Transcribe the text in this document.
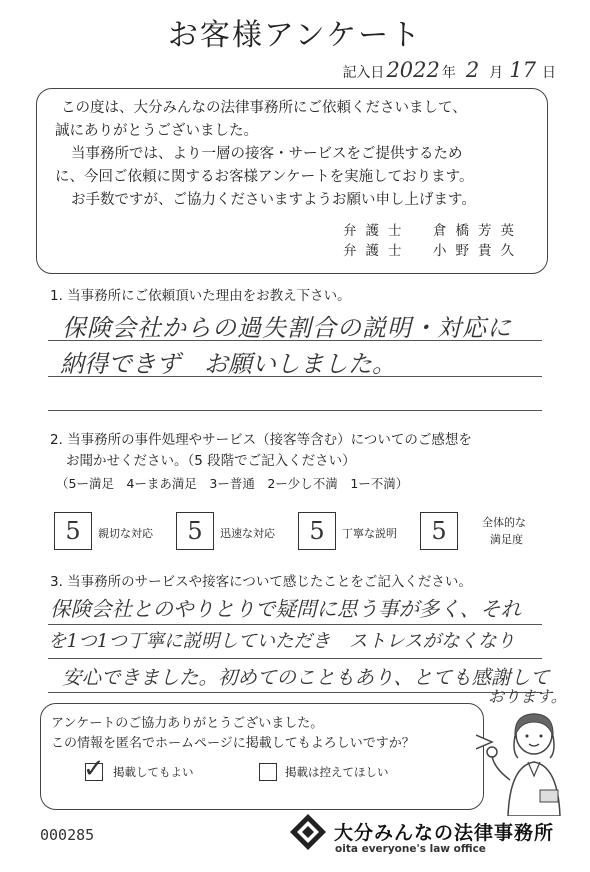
お客様アンケート
記入日 2022 年 2 月 17 日

この度は、大分みんなの法律事務所にご依頼くださいまして、

誠にありがとうございました。

当事務所では、より一層の接客・サービスをご提供するため

に、今回ご依頼に関するお客様アンケートを実施しております。

お手数ですが、ご協力くださいますようお願い申し上げます。

弁護士　倉橋芳英
弁護士　小野貴久
1. 当事務所にご依頼頂いた理由をお教え下さい。
保険会社からの過失割合の説明・対応に
納得できず　お願いしました。
2. 当事務所の事件処理やサービス（接客等含む）についてのご感想を
お聞かせください。（5 段階でご記入ください）
（5ー満足　4ーまあ満足　3ー普通　2ー少し不満　1ー不満）
5 親切な対応 5 迅速な対応 5 丁寧な説明 5	全体的な
満足度
3. 当事務所のサービスや接客について感じたことをご記入ください。
保険会社とのやりとりで疑問に思う事が多く、それ
を1つ1つ丁寧に説明していただき　ストレスがなくなり
安心できました。初めてのこともあり、とても感謝して
おります。
アンケートのご協力ありがとうございました。
この情報を匿名でホームページに掲載してもよろしいですか？
✓ 掲載してもよい	掲載は控えてほしい
000285	大分みんなの法律事務所
oita everyone's law office
